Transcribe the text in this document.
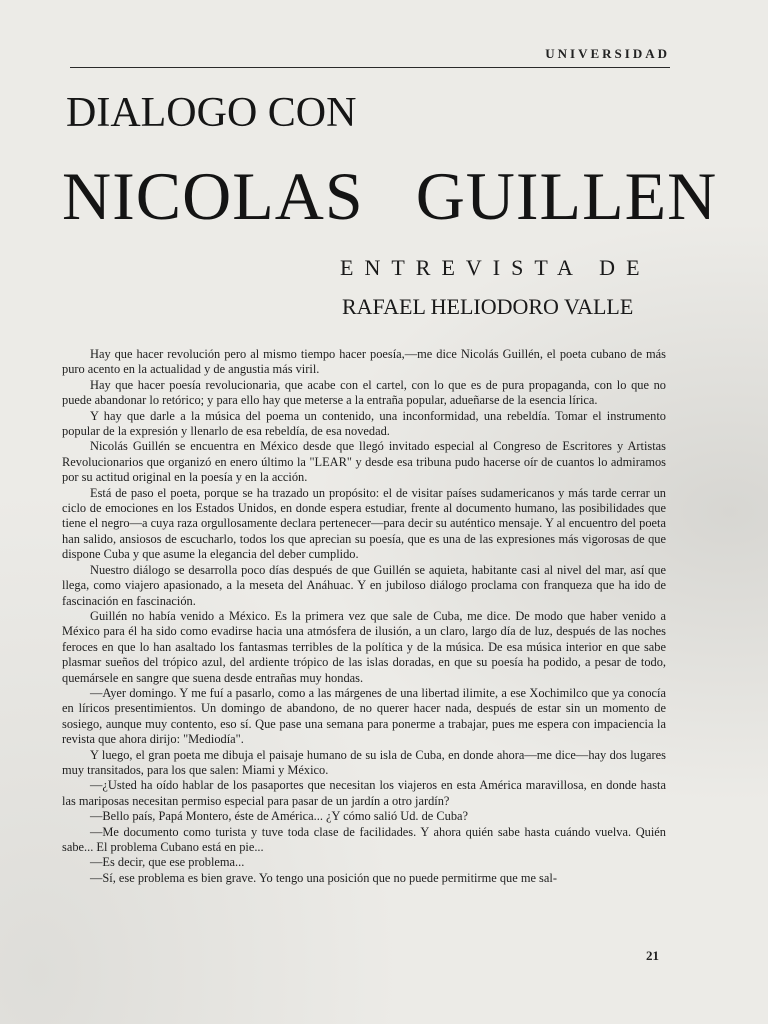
UNIVERSIDAD
DIALOGO CON
NICOLAS GUILLEN
ENTREVISTA DE
RAFAEL HELIODORO VALLE

Hay que hacer revolución pero al mismo tiempo hacer poesía,—me dice Nicolás Guillén, el poeta cubano de más puro acento en la actualidad y de angustia más viril.

Hay que hacer poesía revolucionaria, que acabe con el cartel, con lo que es de pura propaganda, con lo que no puede abandonar lo retórico; y para ello hay que meterse a la entraña popular, adueñarse de la esencia lírica.

Y hay que darle a la música del poema un contenido, una inconformidad, una rebeldía. Tomar el instrumento popular de la expresión y llenarlo de esa rebeldía, de esa novedad.

Nicolás Guillén se encuentra en México desde que llegó invitado especial al Congreso de Escritores y Artistas Revolucionarios que organizó en enero último la "LEAR" y desde esa tribuna pudo hacerse oír de cuantos lo admiramos por su actitud original en la poesía y en la acción.

Está de paso el poeta, porque se ha trazado un propósito: el de visitar países sudamericanos y más tarde cerrar un ciclo de emociones en los Estados Unidos, en donde espera estudiar, frente al documento humano, las posibilidades que tiene el negro—a cuya raza orgullosamente declara pertenecer—para decir su auténtico mensaje. Y al encuentro del poeta han salido, ansiosos de escucharlo, todos los que aprecian su poesía, que es una de las expresiones más vigorosas de que dispone Cuba y que asume la elegancia del deber cumplido.

Nuestro diálogo se desarrolla poco días después de que Guillén se aquieta, habitante casi al nivel del mar, así que llega, como viajero apasionado, a la meseta del Anáhuac. Y en jubiloso diálogo proclama con franqueza que ha ido de fascinación en fascinación.

Guillén no había venido a México. Es la primera vez que sale de Cuba, me dice. De modo que haber venido a México para él ha sido como evadirse hacia una atmósfera de ilusión, a un claro, largo día de luz, después de las noches feroces en que lo han asaltado los fantasmas terribles de la política y de la música. De esa música interior en que sabe plasmar sueños del trópico azul, del ardiente trópico de las islas doradas, en que su poesía ha podido, a pesar de todo, quemársele en sangre que suena desde entrañas muy hondas.

—Ayer domingo. Y me fuí a pasarlo, como a las márgenes de una libertad ilimite, a ese Xochimilco que ya conocía en líricos presentimientos. Un domingo de abandono, de no querer hacer nada, después de estar sin un momento de sosiego, aunque muy contento, eso sí. Que pase una semana para ponerme a trabajar, pues me espera con impaciencia la revista que ahora dirijo: "Mediodía".

Y luego, el gran poeta me dibuja el paisaje humano de su isla de Cuba, en donde ahora—me dice—hay dos lugares muy transitados, para los que salen: Miami y México.

—¿Usted ha oído hablar de los pasaportes que necesitan los viajeros en esta América maravillosa, en donde hasta las mariposas necesitan permiso especial para pasar de un jardín a otro jardín?

—Bello país, Papá Montero, éste de América... ¿Y cómo salió Ud. de Cuba?

—Me documento como turista y tuve toda clase de facilidades. Y ahora quién sabe hasta cuándo vuelva. Quién sabe... El problema Cubano está en pie...

—Es decir, que ese problema...

—Sí, ese problema es bien grave. Yo tengo una posición que no puede permitirme que me sal-

21
